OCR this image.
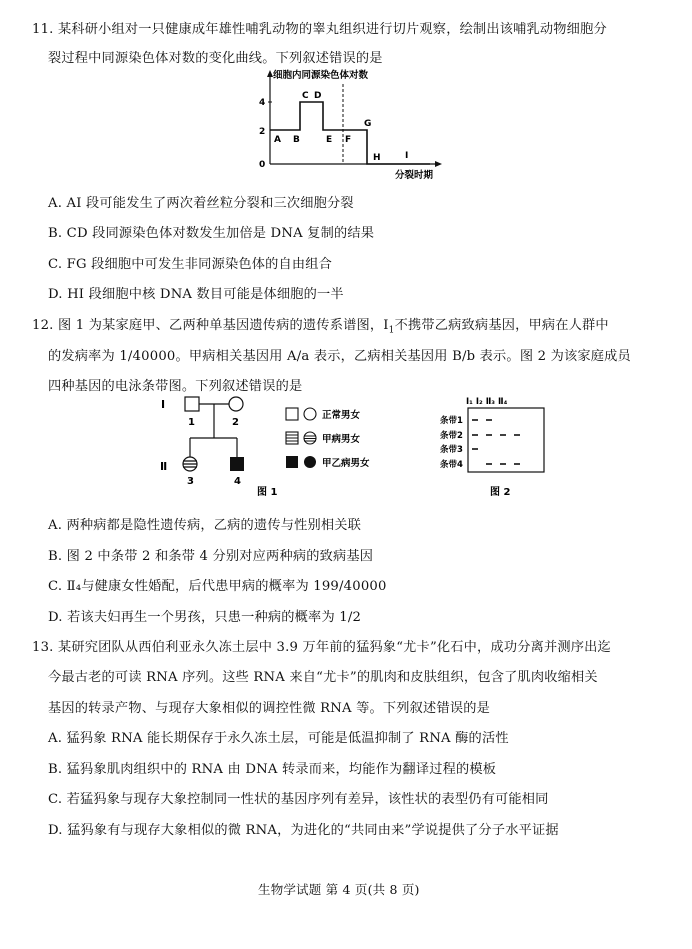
11. 某科研小组对一只健康成年雄性哺乳动物的睾丸组织进行切片观察，绘制出该哺乳动物细胞分
裂过程中同源染色体对数的变化曲线。下列叙述错误的是
细胞内同源染色体对数
分裂时期
0
2
4
A B
C D
E F
G
H	I
A. AI 段可能发生了两次着丝粒分裂和三次细胞分裂
B. CD 段同源染色体对数发生加倍是 DNA 复制的结果
C. FG 段细胞中可发生非同源染色体的自由组合
D. HI 段细胞中核 DNA 数目可能是体细胞的一半
12. 图 1 为某家庭甲、乙两种单基因遗传病的遗传系谱图，$Ⅰ_1$不携带乙病致病基因，甲病在人群中
的发病率为 1/40000。甲病相关基因用 A/a 表示，乙病相关基因用 B/b 表示。图 2 为该家庭成员
四种基因的电泳条带图。下列叙述错误的是
I
Ⅱ
1	2
3	4
正常男女
甲病男女
甲乙病男女
图 1
I₁ I₂ Ⅱ₃ Ⅱ₄
条带1
条带2
条带3
条带4
图 2
A. 两种病都是隐性遗传病，乙病的遗传与性别相关联
B. 图 2 中条带 2 和条带 4 分别对应两种病的致病基因
C. Ⅱ₄与健康女性婚配，后代患甲病的概率为 199/40000
D. 若该夫妇再生一个男孩，只患一种病的概率为 1/2
13. 某研究团队从西伯利亚永久冻土层中 3.9 万年前的猛犸象“尤卡”化石中，成功分离并测序出迄
今最古老的可读 RNA 序列。这些 RNA 来自“尤卡”的肌肉和皮肤组织，包含了肌肉收缩相关
基因的转录产物、与现存大象相似的调控性微 RNA 等。下列叙述错误的是
A. 猛犸象 RNA 能长期保存于永久冻土层，可能是低温抑制了 RNA 酶的活性
B. 猛犸象肌肉组织中的 RNA 由 DNA 转录而来，均能作为翻译过程的模板
C. 若猛犸象与现存大象控制同一性状的基因序列有差异，该性状的表型仍有可能相同
D. 猛犸象有与现存大象相似的微 RNA，为进化的“共同由来”学说提供了分子水平证据
生物学试题 第 4 页(共 8 页)
